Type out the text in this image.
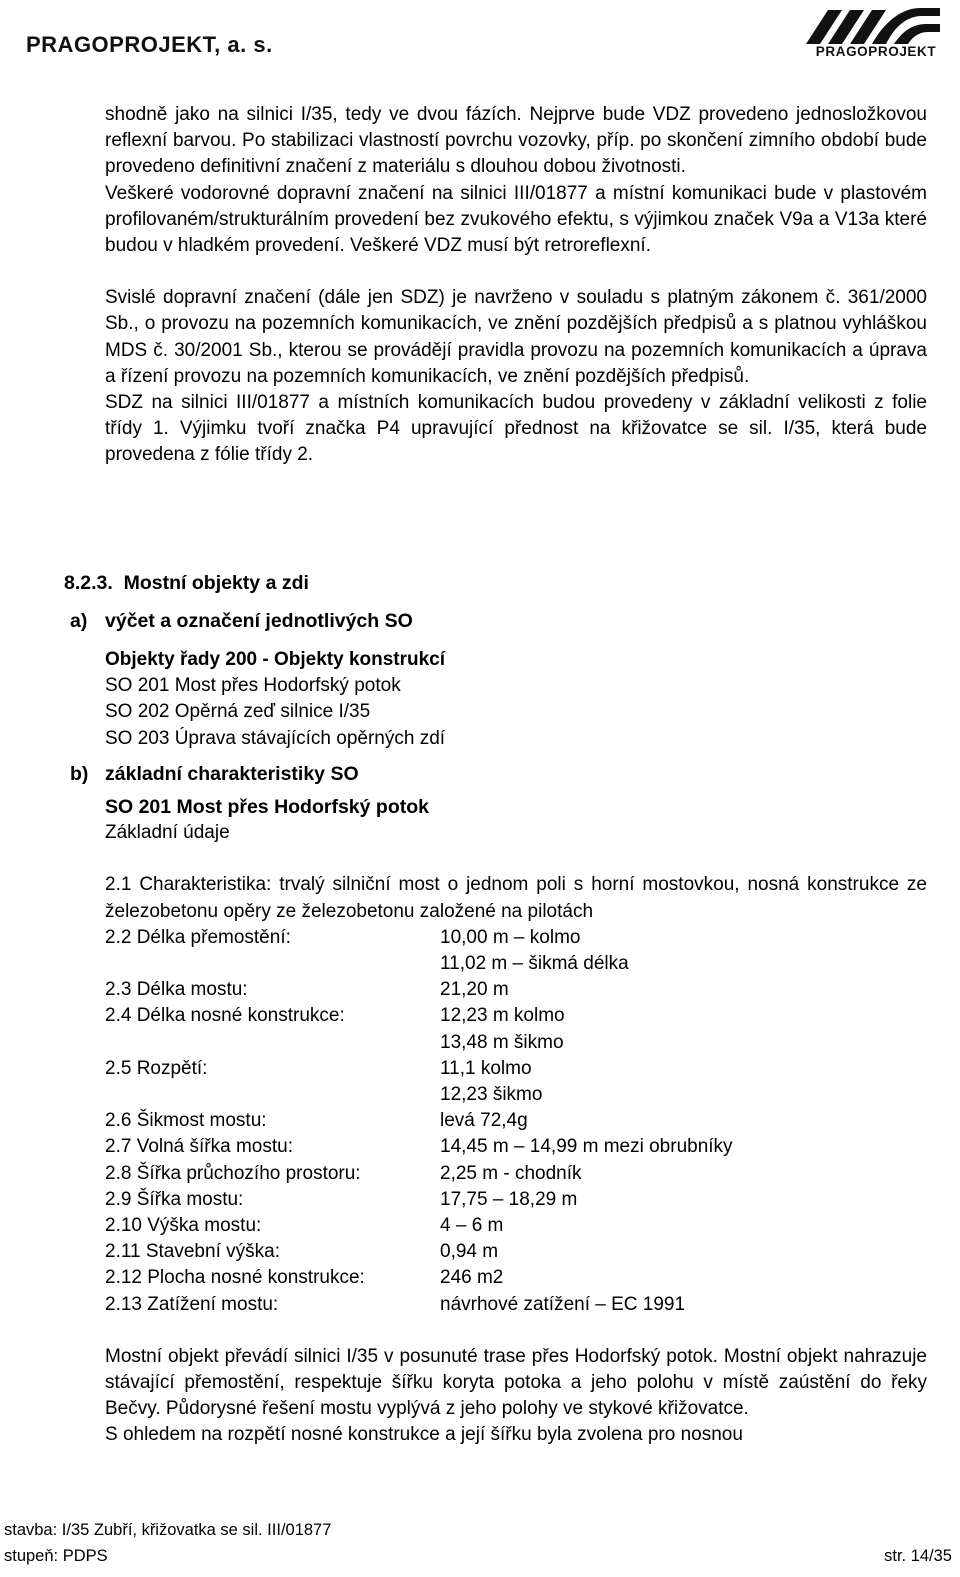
PRAGOPROJEKT, a. s.	PRAGOPROJEKT

shodně jako na silnici I/35, tedy ve dvou fázích. Nejprve bude VDZ provedeno jednosložkovou reflexní barvou. Po stabilizaci vlastností povrchu vozovky, příp. po skončení zimního období bude provedeno definitivní značení z materiálu s dlouhou dobou životnosti.

Veškeré vodorovné dopravní značení na silnici III/01877 a místní komunikaci bude v plastovém profilovaném/strukturálním provedení bez zvukového efektu, s výjimkou značek V9a a V13a které budou v hladkém provedení. Veškeré VDZ musí být retroreflexní.

Svislé dopravní značení (dále jen SDZ) je navrženo v souladu s platným zákonem č. 361/2000 Sb., o provozu na pozemních komunikacích, ve znění pozdějších předpisů a s platnou vyhláškou MDS č. 30/2001 Sb., kterou se provádějí pravidla provozu na pozemních komunikacích a úprava a řízení provozu na pozemních komunikacích, ve znění pozdějších předpisů.

SDZ na silnici III/01877 a místních komunikacích budou provedeny v základní velikosti z folie třídy 1. Výjimku tvoří značka P4 upravující přednost na křižovatce se sil. I/35, která bude provedena z fólie třídy 2.

8.2.3. Mostní objekty a zdi
a) výčet a označení jednotlivých SO
Objekty řady 200 - Objekty konstrukcí
SO 201 Most přes Hodorfský potok
SO 202 Opěrná zeď silnice I/35
SO 203 Úprava stávajících opěrných zdí
b) základní charakteristiky SO
SO 201 Most přes Hodorfský potok
Základní údaje

2.1 Charakteristika: trvalý silniční most o jednom poli s horní mostovkou, nosná konstrukce ze železobetonu opěry ze železobetonu založené na pilotách

2.2 Délka přemostění:	10,00 m – kolmo
11,02 m – šikmá délka
2.3 Délka mostu:	21,20 m
2.4 Délka nosné konstrukce:	12,23 m kolmo
13,48 m šikmo
2.5 Rozpětí:	11,1 kolmo
12,23 šikmo
2.6 Šikmost mostu:	levá 72,4g
2.7 Volná šířka mostu:	14,45 m – 14,99 m mezi obrubníky
2.8 Šířka průchozího prostoru:	2,25 m - chodník
2.9 Šířka mostu:	17,75 – 18,29 m
2.10 Výška mostu:	4 – 6 m
2.11 Stavební výška:	0,94 m
2.12 Plocha nosné konstrukce:	246 m2
2.13 Zatížení mostu:	návrhové zatížení – EC 1991

Mostní objekt převádí silnici I/35 v posunuté trase přes Hodorfský potok. Mostní objekt nahrazuje stávající přemostění, respektuje šířku koryta potoka a jeho polohu v místě zaústění do řeky Bečvy. Půdorysné řešení mostu vyplývá z jeho polohy ve stykové křižovatce.

S ohledem na rozpětí nosné konstrukce a její šířku byla zvolena pro nosnou

stavba: I/35 Zubří, křižovatka se sil. III/01877
stupeň: PDPS	str. 14/35
